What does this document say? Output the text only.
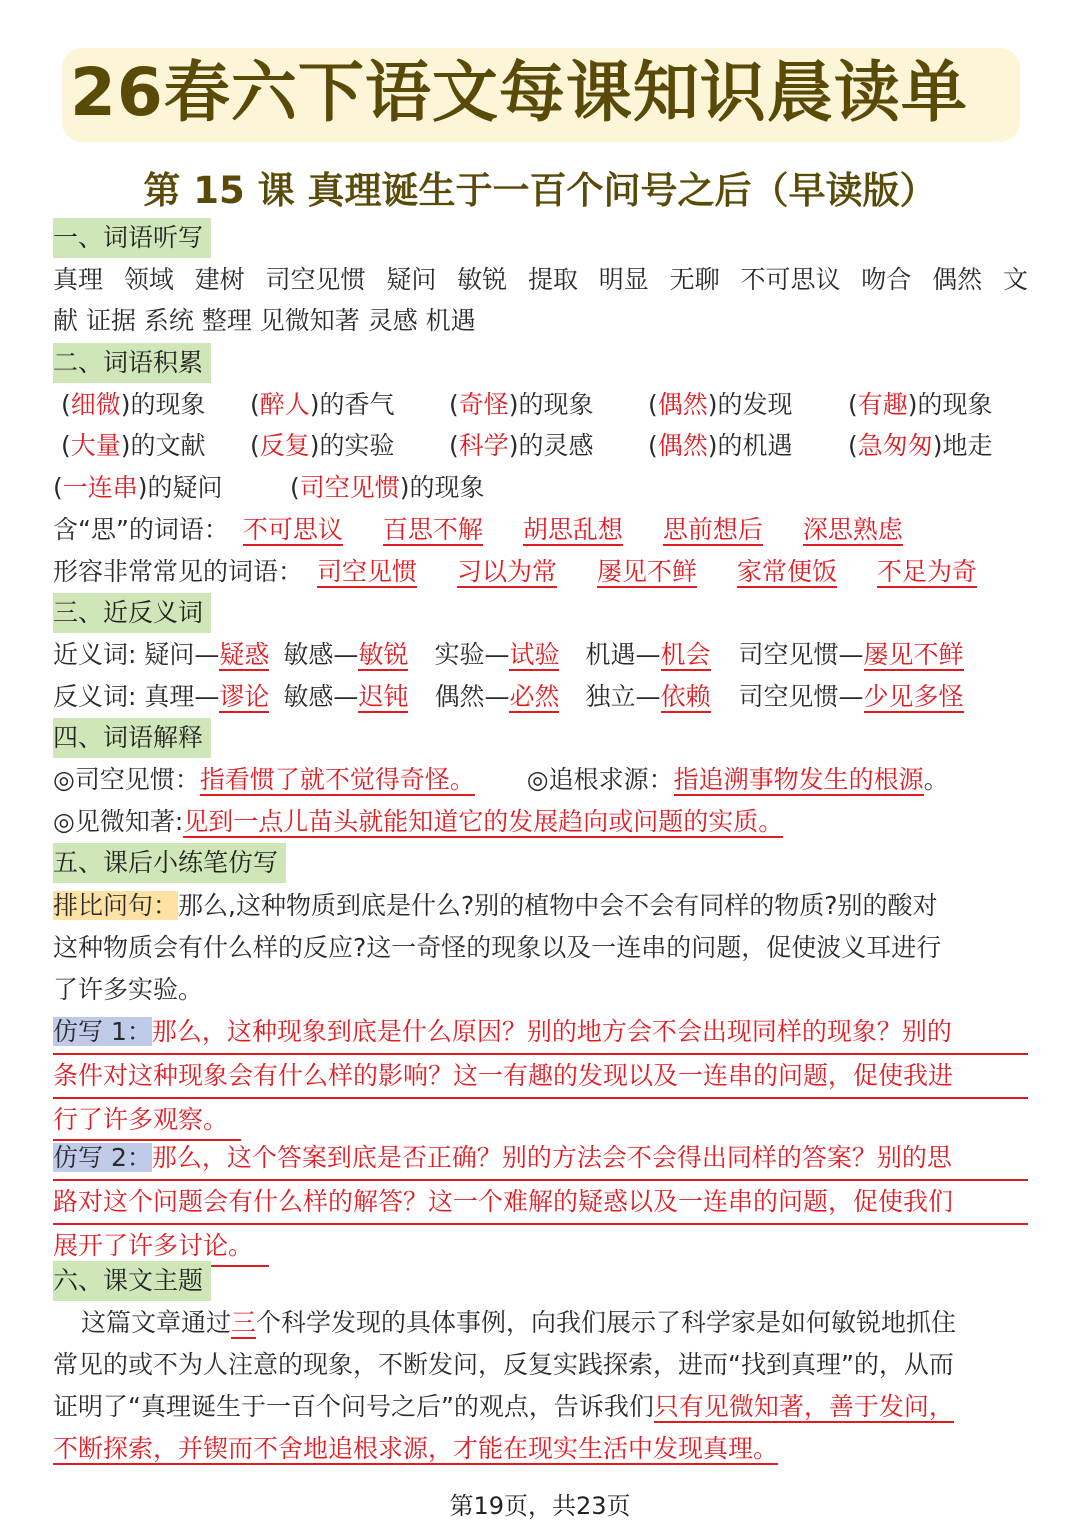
26春六下语文每课知识晨读单
第 15 课 真理诞生于一百个问号之后（早读版）
一、词语听写
真理 领域 建树 司空见惯 疑问 敏锐 提取 明显 无聊 不可思议 吻合 偶然 文
献 证据 系统 整理 见微知著 灵感 机遇
二、词语积累
(细微)的现象 (醉人)的香气 (奇怪)的现象 (偶然)的发现 (有趣)的现象
(大量)的文献 (反复)的实验 (科学)的灵感 (偶然)的机遇 (急匆匆)地走
(一连串)的疑问	(司空见惯)的现象
含“思”的词语： 不可思议 百思不解 胡思乱想 思前想后 深思熟虑
形容非常常见的词语： 司空见惯 习以为常 屡见不鲜 家常便饭 不足为奇
三、近反义词
近义词: 疑问—疑惑 敏感—敏锐 实验—试验 机遇—机会 司空见惯—屡见不鲜
反义词: 真理—谬论 敏感—迟钝 偶然—必然 独立—依赖 司空见惯—少见多怪
四、词语解释
◎司空见惯：指看惯了就不觉得奇怪。 ◎追根求源：指追溯事物发生的根源。
◎见微知著:见到一点儿苗头就能知道它的发展趋向或问题的实质。
五、课后小练笔仿写
排比问句：那么,这种物质到底是什么?别的植物中会不会有同样的物质?别的酸对
这种物质会有什么样的反应?这一奇怪的现象以及一连串的问题，促使波义耳进行
了许多实验。
仿写 1：那么，这种现象到底是什么原因？别的地方会不会出现同样的现象？别的
条件对这种现象会有什么样的影响？这一有趣的发现以及一连串的问题，促使我进
行了许多观察。
仿写 2：那么，这个答案到底是否正确？别的方法会不会得出同样的答案？别的思
路对这个问题会有什么样的解答？这一个难解的疑惑以及一连串的问题，促使我们
展开了许多讨论。
六、课文主题
这篇文章通过三个科学发现的具体事例，向我们展示了科学家是如何敏锐地抓住
常见的或不为人注意的现象，不断发问，反复实践探索，进而“找到真理”的，从而
证明了“真理诞生于一百个问号之后”的观点，告诉我们只有见微知著，善于发问，
不断探索，并锲而不舍地追根求源，才能在现实生活中发现真理。
第19页，共23页
